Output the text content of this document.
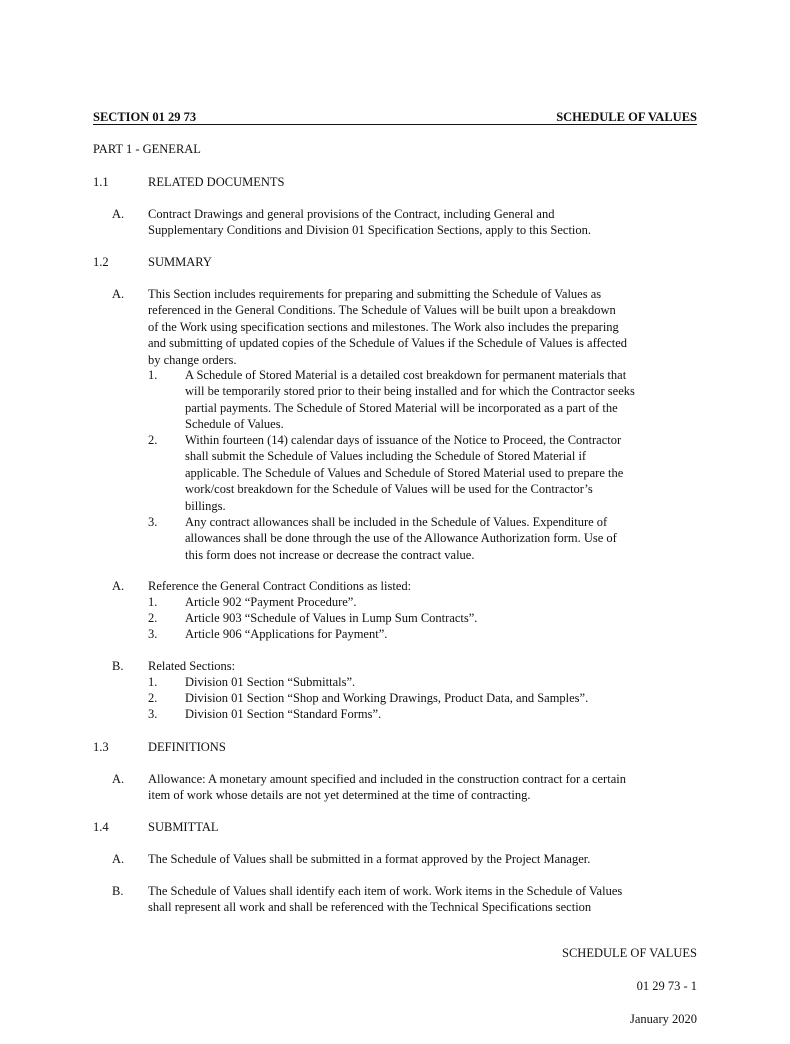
SECTION 01 29 73	SCHEDULE OF VALUES
PART 1 - GENERAL
1.1	RELATED DOCUMENTS
A. Contract Drawings and general provisions of the Contract, including General and
Supplementary Conditions and Division 01 Specification Sections, apply to this Section.
1.2	SUMMARY
A. This Section includes requirements for preparing and submitting the Schedule of Values as
referenced in the General Conditions. The Schedule of Values will be built upon a breakdown
of the Work using specification sections and milestones. The Work also includes the preparing
and submitting of updated copies of the Schedule of Values if the Schedule of Values is affected
by change orders.
1. A Schedule of Stored Material is a detailed cost breakdown for permanent materials that
will be temporarily stored prior to their being installed and for which the Contractor seeks
partial payments. The Schedule of Stored Material will be incorporated as a part of the
Schedule of Values.
2. Within fourteen (14) calendar days of issuance of the Notice to Proceed, the Contractor
shall submit the Schedule of Values including the Schedule of Stored Material if
applicable. The Schedule of Values and Schedule of Stored Material used to prepare the
work/cost breakdown for the Schedule of Values will be used for the Contractor’s
billings.
3. Any contract allowances shall be included in the Schedule of Values. Expenditure of
allowances shall be done through the use of the Allowance Authorization form. Use of
this form does not increase or decrease the contract value.
A. Reference the General Contract Conditions as listed:
1. Article 902 “Payment Procedure”.
2. Article 903 “Schedule of Values in Lump Sum Contracts”.
3. Article 906 “Applications for Payment”.
B. Related Sections:
1. Division 01 Section “Submittals”.
2. Division 01 Section “Shop and Working Drawings, Product Data, and Samples”.
3. Division 01 Section “Standard Forms”.
1.3	DEFINITIONS
A. Allowance: A monetary amount specified and included in the construction contract for a certain
item of work whose details are not yet determined at the time of contracting.
1.4	SUBMITTAL
A. The Schedule of Values shall be submitted in a format approved by the Project Manager.
B. The Schedule of Values shall identify each item of work. Work items in the Schedule of Values
shall represent all work and shall be referenced with the Technical Specifications section

SCHEDULE OF VALUES

01 29 73 - 1

January 2020
